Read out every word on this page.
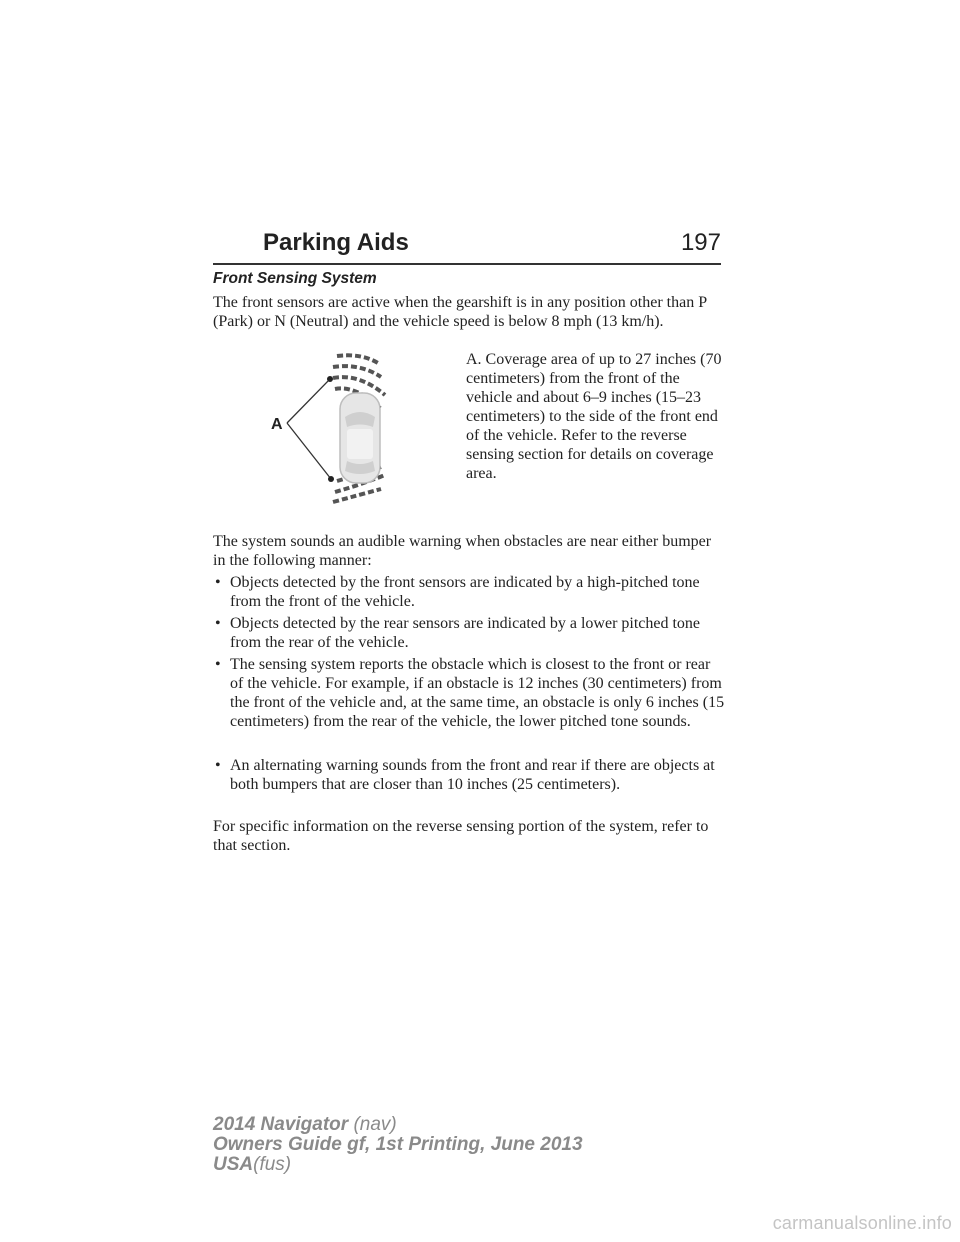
Parking Aids	197
Front Sensing System

The front sensors are active when the gearshift is in any position other than P (Park) or N (Neutral) and the vehicle speed is below 8 mph (13 km/h).

A

A. Coverage area of up to 27 inches (70 centimeters) from the front of the vehicle and about 6–9 inches (15–23 centimeters) to the side of the front end of the vehicle. Refer to the reverse sensing section for details on coverage area.

The system sounds an audible warning when obstacles are near either bumper in the following manner:

• Objects detected by the front sensors are indicated by a high-pitched tone from the front of the vehicle.
• Objects detected by the rear sensors are indicated by a lower pitched tone from the rear of the vehicle.
• The sensing system reports the obstacle which is closest to the front or rear of the vehicle. For example, if an obstacle is 12 inches (30 centimeters) from the front of the vehicle and, at the same time, an obstacle is only 6 inches (15 centimeters) from the rear of the vehicle, the lower pitched tone sounds.
• An alternating warning sounds from the front and rear if there are objects at both bumpers that are closer than 10 inches (25 centimeters).

For specific information on the reverse sensing portion of the system, refer to that section.

2014 Navigator (nav)
Owners Guide gf, 1st Printing, June 2013
USA(fus)
carmanualsonline.info
